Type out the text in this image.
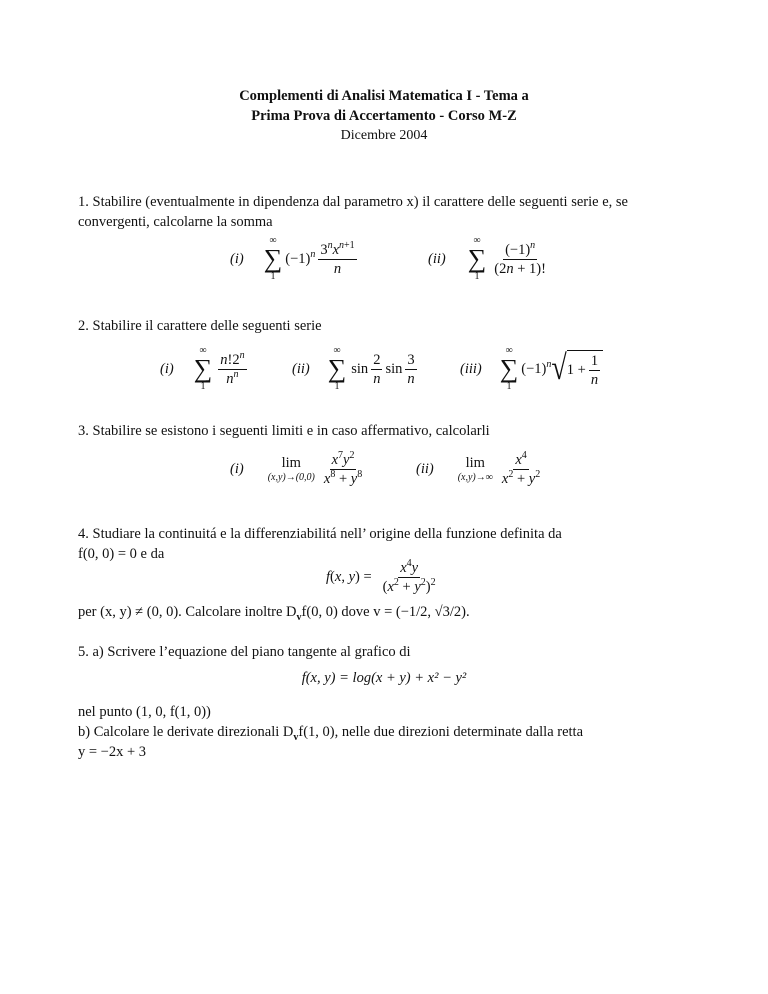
Complementi di Analisi Matematica I - Tema a
Prima Prova di Accertamento - Corso M-Z
Dicembre 2004
1. Stabilire (eventualmente in dipendenza dal parametro x) il carattere delle seguenti serie e, se convergenti, calcolarne la somma
(i)
∞
∑
1
$(-1)^n \frac{3^nx^{n+1}}{n}$	(ii)
∞
∑
$1 \frac{(-1)^n}{(2n + 1)!}$
2. Stabilire il carattere delle seguenti serie
(i)
∞
∑
$1 \frac{n!2^n}{n^n}$	(ii)
∞
∑
1
$\sin \frac{2}{n}$ $\sin \frac{3}{n}$	(iii)
∞
∑
1
$(-1)^n$ √ $1 + \frac{1}{n}$
3. Stabilire se esistono i seguenti limiti e in caso affermativo, calcolarli
(i)	lim
$(x,y)\to(0,0) \frac{x^7y^2}{x^8 + y^8}$	(ii) lim
$(x,y)\to\infty \frac{x^4}{x^2 + y^2}$
4. Studiare la continuitá e la differenziabilitá nell’ origine della funzione definita da
f(0, 0) = 0 e da
f(x, $y) = \frac{x^4y}{(x^2 + y^2)^2}$
per (x, y) ≠ (0, 0). Calcolare inoltre $D_vf(0$, 0) dove v = (−1/2, √3/2).
5. a) Scrivere l’equazione del piano tangente al grafico di
f(x, y) = log(x + y) + x² − y²
nel punto (1, 0, f(1, 0))
b) Calcolare le derivate direzionali $D_vf(1$, 0), nelle due direzioni determinate dalla retta
y = −2x + 3
